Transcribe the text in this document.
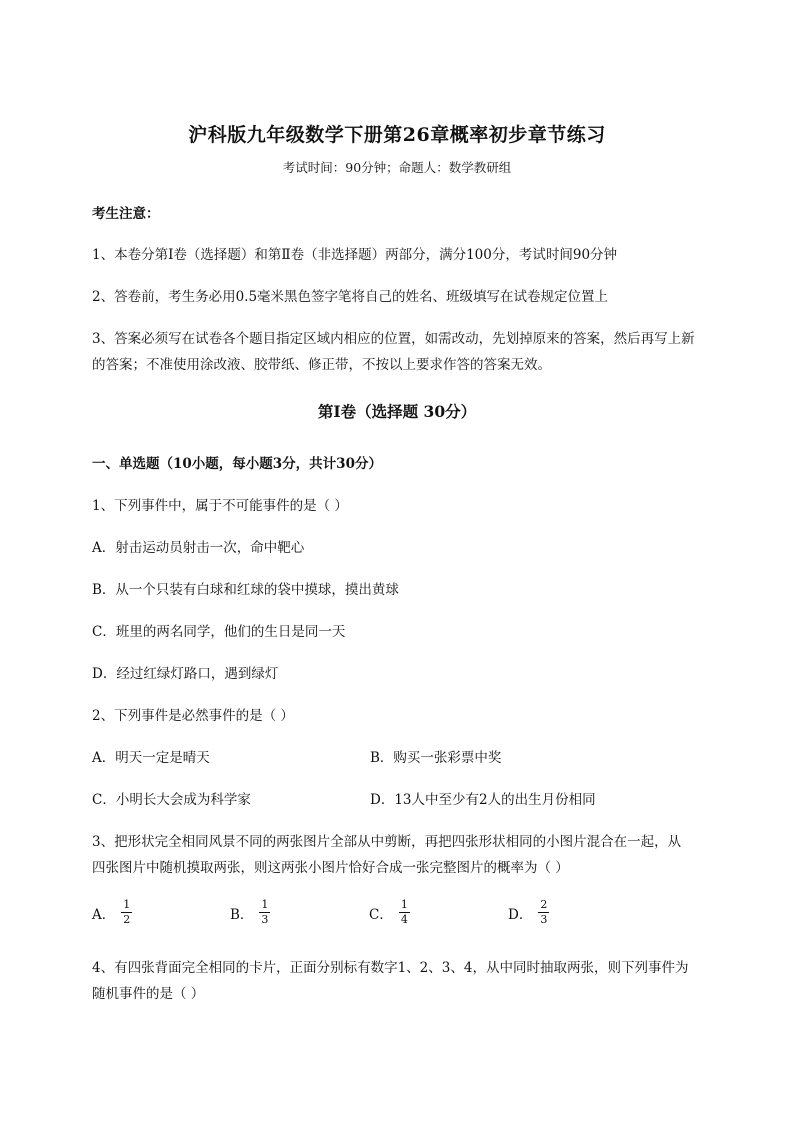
沪科版九年级数学下册第26章概率初步章节练习
考试时间：90分钟；命题人：数学教研组
考生注意：
1、本卷分第I卷（选择题）和第Ⅱ卷（非选择题）两部分，满分100分，考试时间90分钟
2、答卷前，考生务必用0.5毫米黑色签字笔将自己的姓名、班级填写在试卷规定位置上
3、答案必须写在试卷各个题目指定区域内相应的位置，如需改动，先划掉原来的答案，然后再写上新
的答案；不准使用涂改液、胶带纸、修正带，不按以上要求作答的答案无效。
第I卷（选择题 30分）
一、单选题（10小题，每小题3分，共计30分）
1、下列事件中，属于不可能事件的是（ ）
A．射击运动员射击一次，命中靶心
B．从一个只装有白球和红球的袋中摸球，摸出黄球
C．班里的两名同学，他们的生日是同一天
D．经过红绿灯路口，遇到绿灯
2、下列事件是必然事件的是（ ）
A．明天一定是晴天	B．购买一张彩票中奖
C．小明长大会成为科学家	D．13人中至少有2人的出生月份相同
3、把形状完全相同风景不同的两张图片全部从中剪断，再把四张形状相同的小图片混合在一起，从
四张图片中随机摸取两张，则这两张小图片恰好合成一张完整图片的概率为（ ）
A． $\frac{1}{2}$	B． $\frac{1}{3}$	C． $\frac{1}{4}$	D． $\frac{2}{3}$
4、有四张背面完全相同的卡片，正面分别标有数字1、2、3、4，从中同时抽取两张，则下列事件为
随机事件的是（ ）
